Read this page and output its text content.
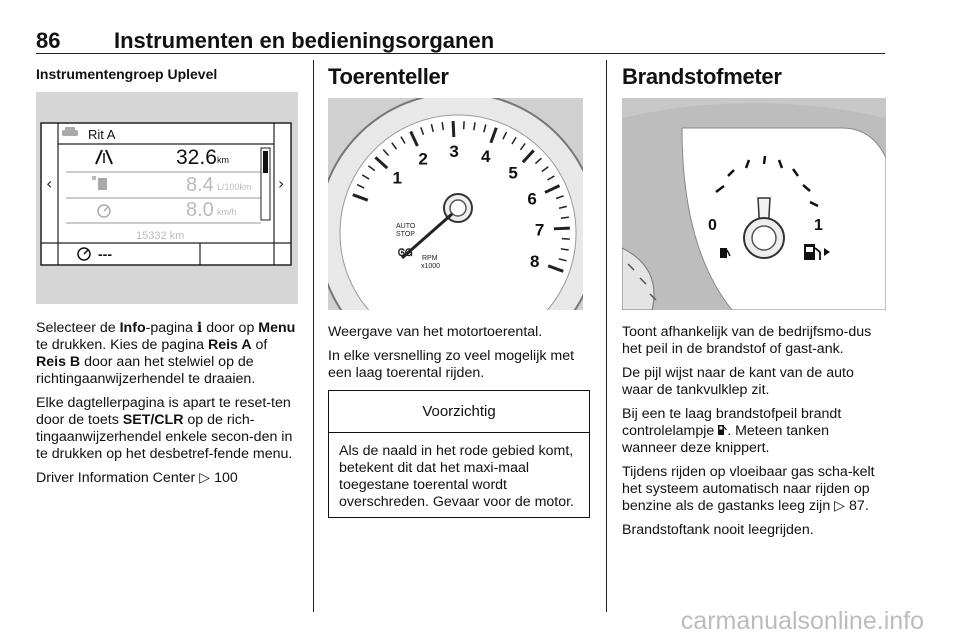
86 Instrumenten en bedieningsorganen
Instrumentengroep Uplevel
‹	›
Rit A
32.6 km
8.4 L/100km
8.0 km/h
15332 km
---

Selecteer de Info-pagina i door op Menu te drukken. Kies de pagina Reis A of Reis B door aan het stelwiel op de richtingaanwijzerhendel te draaien.

Elke dagtellerpagina is apart te reset-ten door de toets SET/CLR op de rich-tingaanwijzerhendel enkele secon-den in te drukken op het desbetref-fende menu.

Driver Information Center ▷ 100

Toerenteller
1
2 3 4
5
6
7
8
AUTO
STOP
ᎶᏀ RPM
x1000

Weergave van het motortoerental.

In elke versnelling zo veel mogelijk met een laag toerental rijden.

Voorzichtig

Als de naald in het rode gebied komt, betekent dit dat het maxi-maal toegestane toerental wordt overschreden. Gevaar voor de motor.

Brandstofmeter
0	1

Toont afhankelijk van de bedrijfsmo-dus het peil in de brandstof of gast-ank.

De pijl wijst naar de kant van de auto waar de tankvulklep zit.

Bij een te laag brandstofpeil brandt controlelampje . Meteen tanken wanneer deze knippert.

Tijdens rijden op vloeibaar gas scha-kelt het systeem automatisch naar rijden op benzine als de gastanks leeg zijn ▷ 87.

Brandstoftank nooit leegrijden.

carmanualsonline.info
